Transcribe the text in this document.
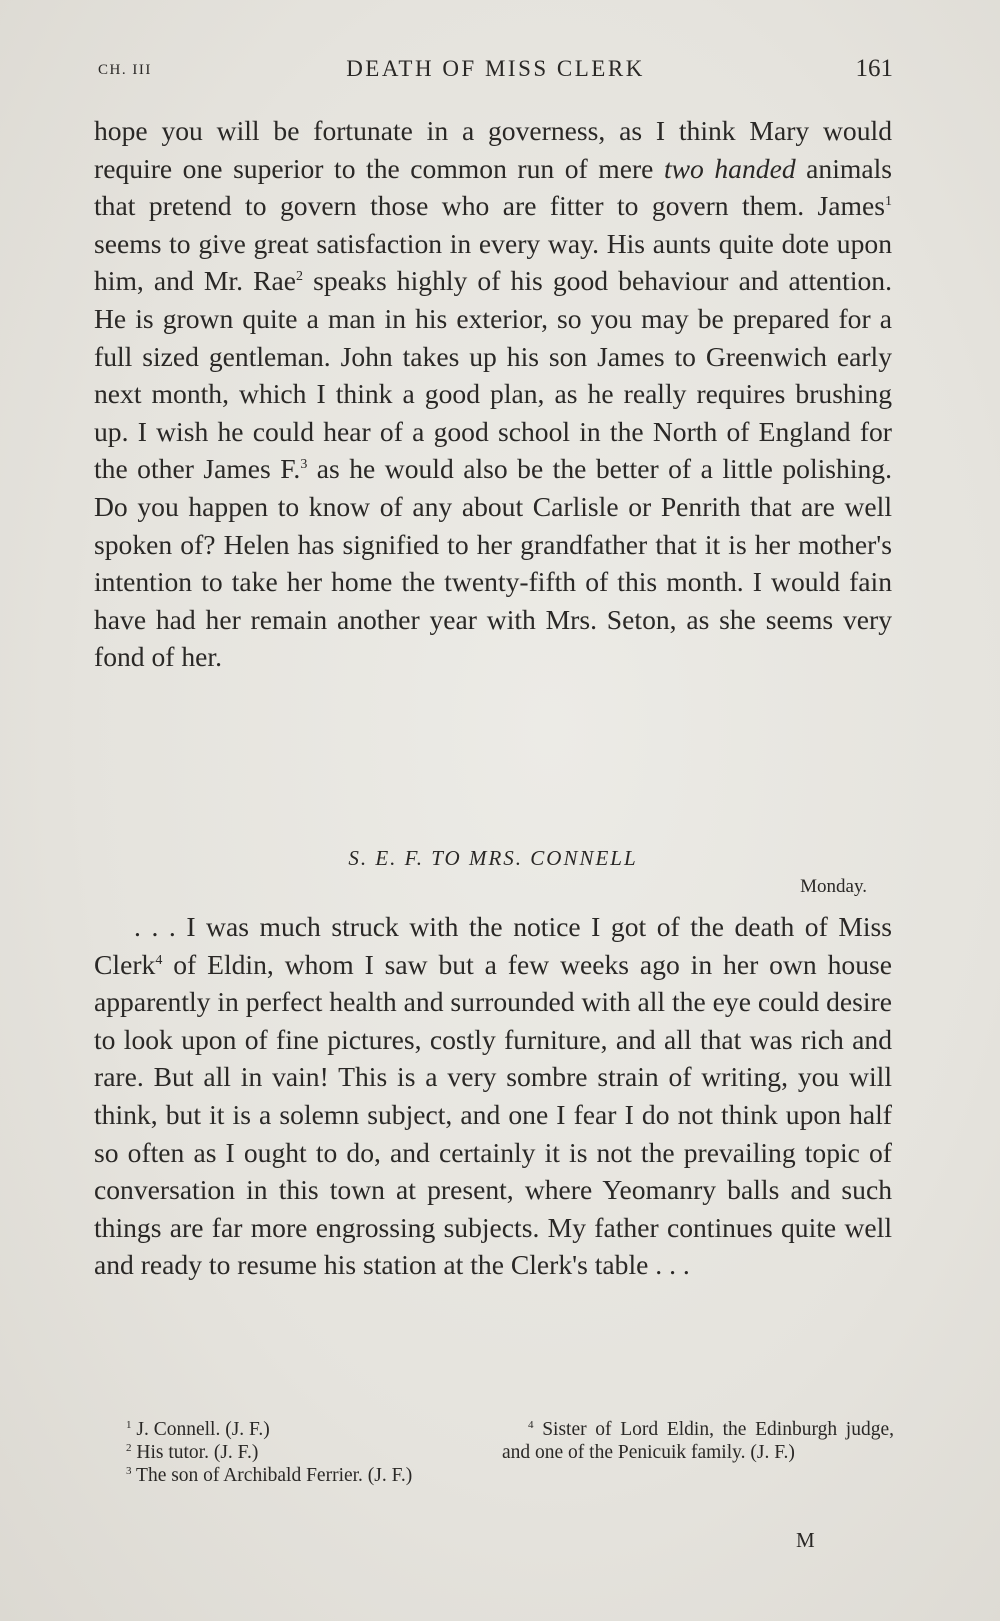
CH. III	DEATH OF MISS CLERK	161

hope you will be fortunate in a governess, as I think Mary would require one superior to the common run of mere two handed animals that pretend to govern those who are fitter to govern them. James$^1$ seems to give great satisfaction in every way. His aunts quite dote upon him, and Mr. Rae$^2$ speaks highly of his good behaviour and attention. He is grown quite a man in his exterior, so you may be prepared for a full sized gentleman. John takes up his son James to Greenwich early next month, which I think a good plan, as he really requires brushing up. I wish he could hear of a good school in the North of England for the other James F.$^3$ as he would also be the better of a little polishing. Do you happen to know of any about Carlisle or Penrith that are well spoken of? Helen has signified to her grandfather that it is her mother's intention to take her home the twenty-fifth of this month. I would fain have had her remain another year with Mrs. Seton, as she seems very fond of her.

S. E. F. TO MRS. CONNELL
Monday.

. . . I was much struck with the notice I got of the death of Miss Clerk$^4$ of Eldin, whom I saw but a few weeks ago in her own house apparently in perfect health and surrounded with all the eye could desire to look upon of fine pictures, costly furniture, and all that was rich and rare. But all in vain! This is a very sombre strain of writing, you will think, but it is a solemn subject, and one I fear I do not think upon half so often as I ought to do, and certainly it is not the prevailing topic of conversation in this town at present, where Yeomanry balls and such things are far more engrossing subjects. My father continues quite well and ready to resume his station at the Clerk's table . . .

$^1$ J. Connell. (J. F.)

$^2$ His tutor. (J. F.)

$^3$ The son of Archibald Ferrier. (J. F.)

$^4$ Sister of Lord Eldin, the Edinburgh judge, and one of the Penicuik family. (J. F.)

M
